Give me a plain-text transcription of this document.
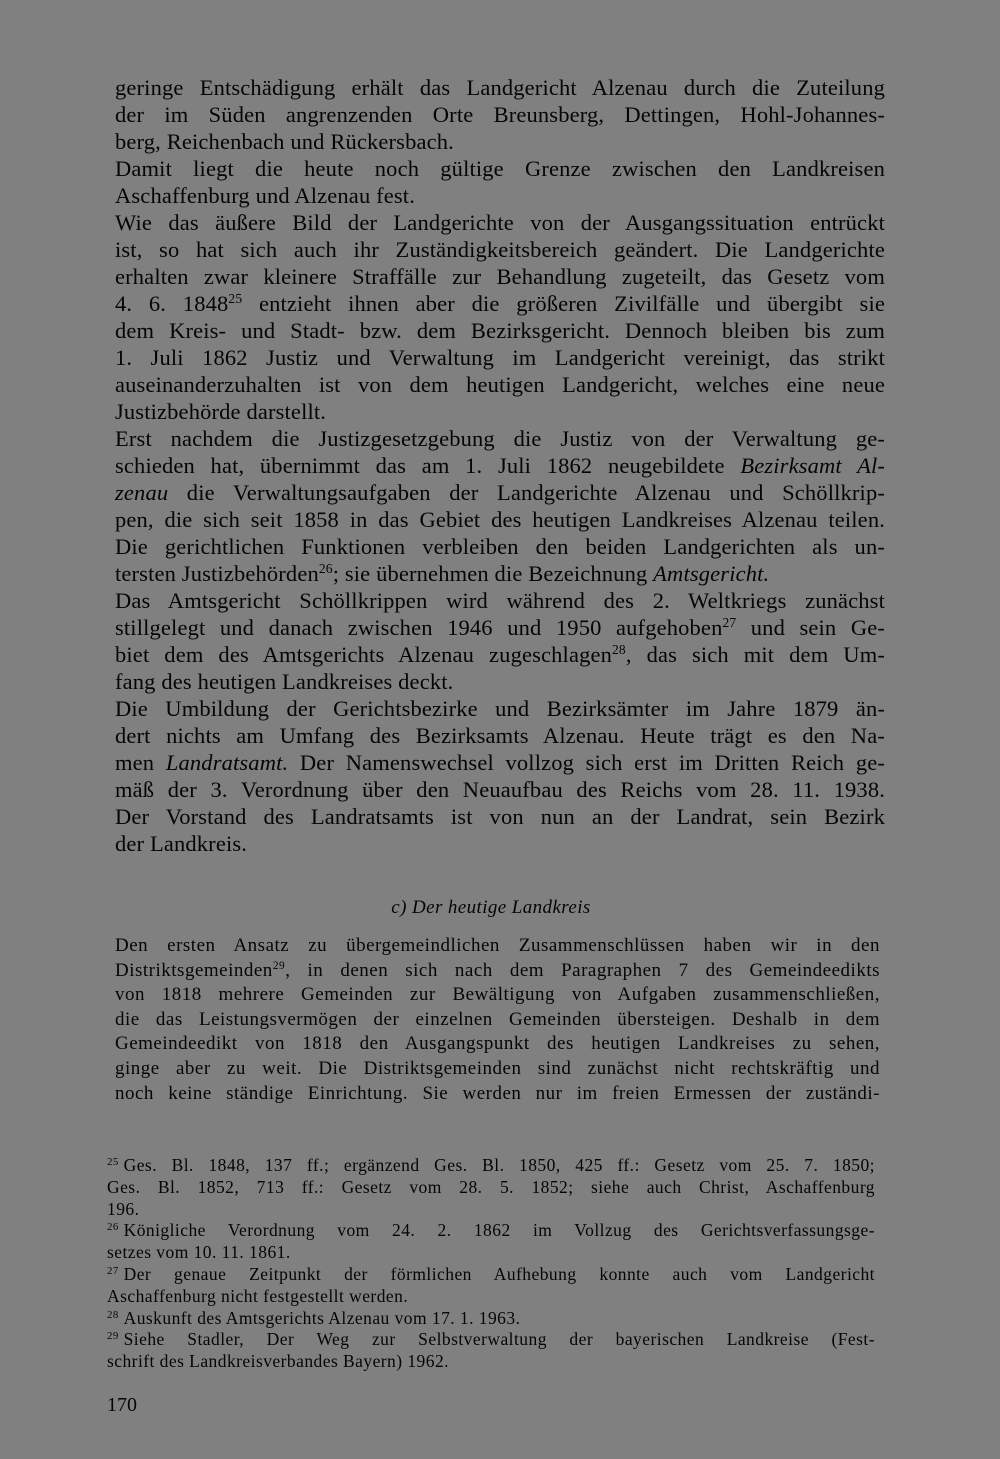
geringe Entschädigung erhält das Landgericht Alzenau durch die Zuteilung
der im Süden angrenzenden Orte Breunsberg, Dettingen, Hohl-Johannes-
berg, Reichenbach und Rückersbach.
Damit liegt die heute noch gültige Grenze zwischen den Landkreisen
Aschaffenburg und Alzenau fest.
Wie das äußere Bild der Landgerichte von der Ausgangssituation entrückt
ist, so hat sich auch ihr Zuständigkeitsbereich geändert. Die Landgerichte
erhalten zwar kleinere Straffälle zur Behandlung zugeteilt, das Gesetz vom
4. 6. 1848$^{25}$ entzieht ihnen aber die größeren Zivilfälle und übergibt sie
dem Kreis- und Stadt- bzw. dem Bezirksgericht. Dennoch bleiben bis zum
1. Juli 1862 Justiz und Verwaltung im Landgericht vereinigt, das strikt
auseinanderzuhalten ist von dem heutigen Landgericht, welches eine neue
Justizbehörde darstellt.
Erst nachdem die Justizgesetzgebung die Justiz von der Verwaltung ge-
schieden hat, übernimmt das am 1. Juli 1862 neugebildete Bezirksamt Al-
zenau die Verwaltungsaufgaben der Landgerichte Alzenau und Schöllkrip-
pen, die sich seit 1858 in das Gebiet des heutigen Landkreises Alzenau teilen.
Die gerichtlichen Funktionen verbleiben den beiden Landgerichten als un-
tersten Justizbehörden$^{26}$; sie übernehmen die Bezeichnung Amtsgericht.
Das Amtsgericht Schöllkrippen wird während des 2. Weltkriegs zunächst
stillgelegt und danach zwischen 1946 und 1950 aufgehoben$^{27}$ und sein Ge-
biet dem des Amtsgerichts Alzenau zugeschlagen$^{28}$, das sich mit dem Um-
fang des heutigen Landkreises deckt.
Die Umbildung der Gerichtsbezirke und Bezirksämter im Jahre 1879 än-
dert nichts am Umfang des Bezirksamts Alzenau. Heute trägt es den Na-
men Landratsamt. Der Namenswechsel vollzog sich erst im Dritten Reich ge-
mäß der 3. Verordnung über den Neuaufbau des Reichs vom 28. 11. 1938.
Der Vorstand des Landratsamts ist von nun an der Landrat, sein Bezirk
der Landkreis.
c) Der heutige Landkreis
Den ersten Ansatz zu übergemeindlichen Zusammenschlüssen haben wir in den
Distriktsgemeinden$^{29}$, in denen sich nach dem Paragraphen 7 des Gemeindeedikts
von 1818 mehrere Gemeinden zur Bewältigung von Aufgaben zusammenschließen,
die das Leistungsvermögen der einzelnen Gemeinden übersteigen. Deshalb in dem
Gemeindeedikt von 1818 den Ausgangspunkt des heutigen Landkreises zu sehen,
ginge aber zu weit. Die Distriktsgemeinden sind zunächst nicht rechtskräftig und
noch keine ständige Einrichtung. Sie werden nur im freien Ermessen der zuständi-
$^{25}$ Ges. Bl. 1848, 137 ff.; ergänzend Ges. Bl. 1850, 425 ff.: Gesetz vom 25. 7. 1850;
Ges. Bl. 1852, 713 ff.: Gesetz vom 28. 5. 1852; siehe auch Christ, Aschaffenburg
196.
$^{26}$ Königliche Verordnung vom 24. 2. 1862 im Vollzug des Gerichtsverfassungsge-
setzes vom 10. 11. 1861.
$^{27}$ Der genaue Zeitpunkt der förmlichen Aufhebung konnte auch vom Landgericht
Aschaffenburg nicht festgestellt werden.
$^{28}$ Auskunft des Amtsgerichts Alzenau vom 17. 1. 1963.
$^{29}$ Siehe Stadler, Der Weg zur Selbstverwaltung der bayerischen Landkreise (Fest-
schrift des Landkreisverbandes Bayern) 1962.
170
